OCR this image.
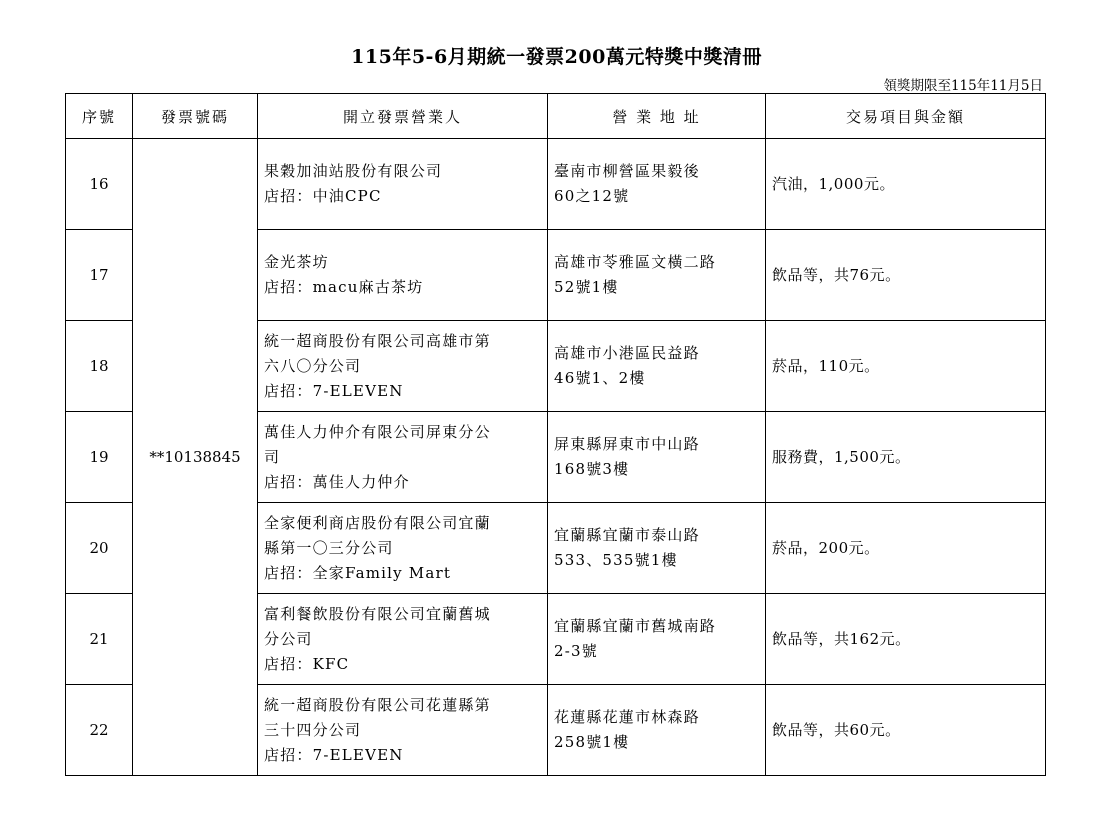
115年5-6月期統一發票200萬元特獎中獎清冊
領獎期限至115年11月5日
序號	發票號碼	開立發票營業人	營 業 地 址	交易項目與金額
16	**10138845	果穀加油站股份有限公司
店招：中油CPC	臺南市柳營區果毅後
60之12號	汽油，1,000元。
17		金光茶坊
店招：macu麻古茶坊	高雄市苓雅區文橫二路
52號1樓	飲品等，共76元。
18		統一超商股份有限公司高雄市第
六八〇分公司
店招：7-ELEVEN	高雄市小港區民益路
46號1、2樓	菸品，110元。
19		萬佳人力仲介有限公司屏東分公
司
店招：萬佳人力仲介	屏東縣屏東市中山路
168號3樓	服務費，1,500元。
20		全家便利商店股份有限公司宜蘭
縣第一〇三分公司
店招：全家Family Mart	宜蘭縣宜蘭市泰山路
533、535號1樓	菸品，200元。
21		富利餐飲股份有限公司宜蘭舊城
分公司
店招：KFC	宜蘭縣宜蘭市舊城南路
2-3號	飲品等，共162元。
22		統一超商股份有限公司花蓮縣第
三十四分公司
店招：7-ELEVEN	花蓮縣花蓮市林森路
258號1樓	飲品等，共60元。
